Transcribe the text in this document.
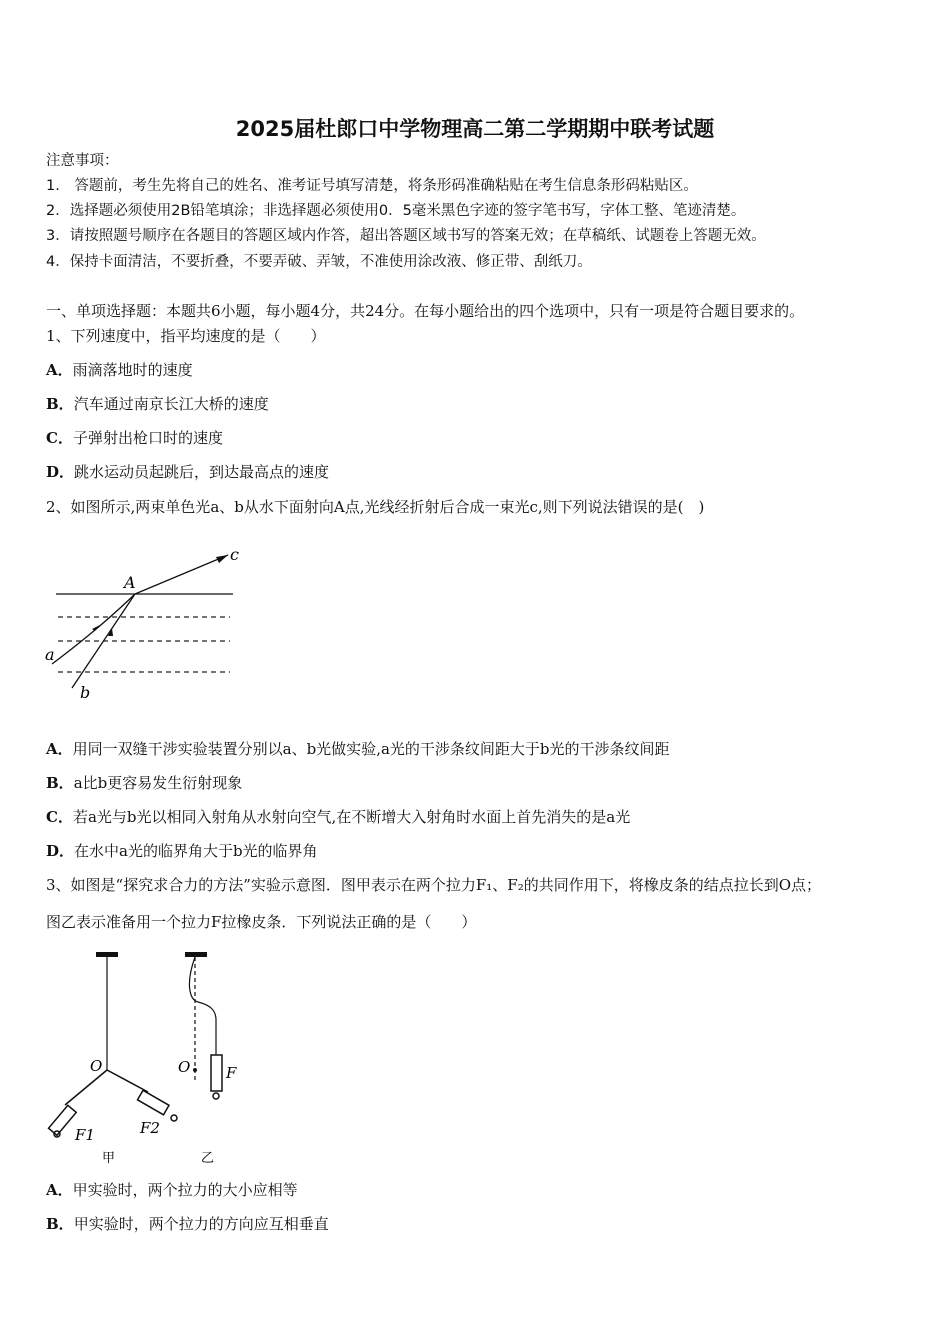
2025届杜郎口中学物理高二第二学期期中联考试题
注意事项：
1.　答题前，考生先将自己的姓名、准考证号填写清楚，将条形码准确粘贴在考生信息条形码粘贴区。
2．选择题必须使用2B铅笔填涂；非选择题必须使用0．5毫米黑色字迹的签字笔书写，字体工整、笔迹清楚。
3．请按照题号顺序在各题目的答题区域内作答，超出答题区域书写的答案无效；在草稿纸、试题卷上答题无效。
4．保持卡面清洁，不要折叠，不要弄破、弄皱，不准使用涂改液、修正带、刮纸刀。
一、单项选择题：本题共6小题，每小题4分，共24分。在每小题给出的四个选项中，只有一项是符合题目要求的。
1、下列速度中，指平均速度的是（　　）
A．雨滴落地时的速度
B．汽车通过南京长江大桥的速度
C．子弹射出枪口时的速度
D．跳水运动员起跳后，到达最高点的速度
2、如图所示,两束单色光a、b从水下面射向A点,光线经折射后合成一束光c,则下列说法错误的是(　)
A
c
a
b
A．用同一双缝干涉实验装置分别以a、b光做实验,a光的干涉条纹间距大于b光的干涉条纹间距
B．a比b更容易发生衍射现象
C．若a光与b光以相同入射角从水射向空气,在不断增大入射角时水面上首先消失的是a光
D．在水中a光的临界角大于b光的临界角
3、如图是“探究求合力的方法”实验示意图．图甲表示在两个拉力F₁、F₂的共同作用下，将橡皮条的结点拉长到O点；
图乙表示准备用一个拉力F拉橡皮条．下列说法正确的是（　　）
O
F1	F2
O F
甲	乙
A．甲实验时，两个拉力的大小应相等
B．甲实验时，两个拉力的方向应互相垂直
